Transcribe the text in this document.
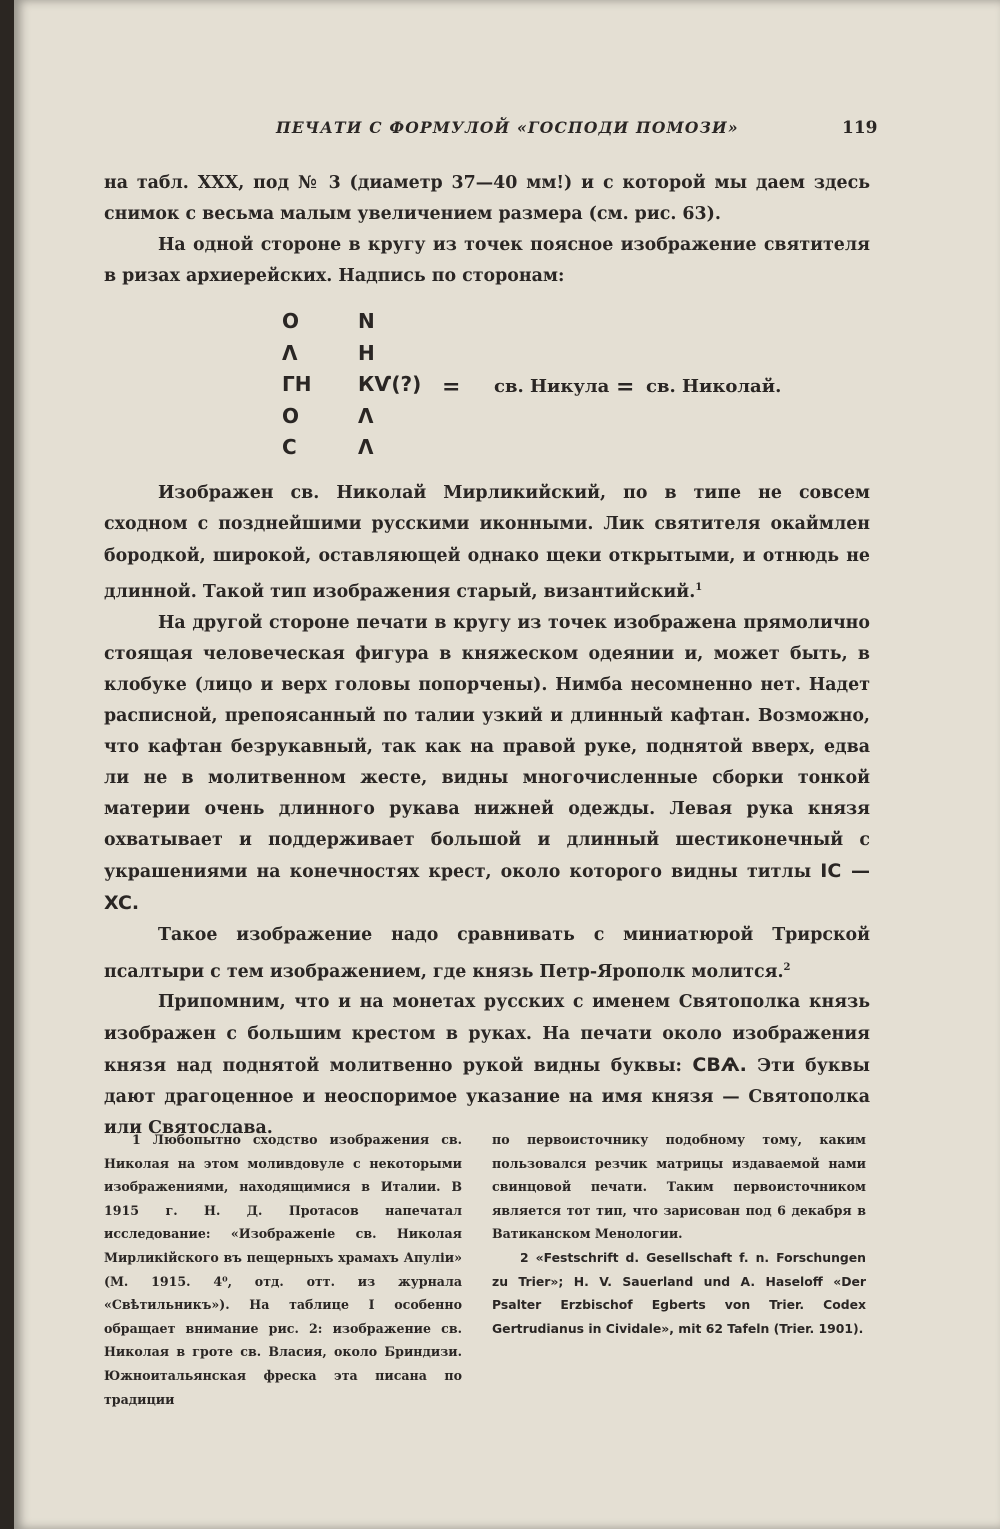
ПЕЧАТИ С ФОРМУЛОЙ «ГОСПОДИ ПОМОЗИ»	119

на табл. XXX, под № 3 (диаметр 37—40 мм!) и с которой мы даем здесь снимок с весьма малым увеличением размера (см. рис. 63).

На одной стороне в кругу из точек поясное изображение святителя в ризах архиерейских. Надпись по сторонам:

Изображен св. Николай Мирликийский, по в типе не совсем сходном с позднейшими русскими иконными. Лик святителя окаймлен бородкой, широкой, оставляющей однако щеки открытыми, и отнюдь не длинной. Такой тип изображения старый, византийский.$^1$

На другой стороне печати в кругу из точек изображена прямолично стоящая человеческая фигура в княжеском одеянии и, может быть, в клобуке (лицо и верх головы попорчены). Нимба несомненно нет. Надет расписной, препоясанный по талии узкий и длинный кафтан. Возможно, что кафтан безрукавный, так как на правой руке, поднятой вверх, едва ли не в молитвенном жесте, видны многочисленные сборки тонкой материи очень длинного рукава нижней одежды. Левая рука князя охватывает и поддерживает большой и длинный шестиконечный с украшениями на конечностях крест, около которого видны титлы IC — XC.

Такое изображение надо сравнивать с миниатюрой Трирской псалтыри с тем изображением, где князь Петр-Ярополк молится.$^2$

Припомним, что и на монетах русских с именем Святополка князь изображен с большим крестом в руках. На печати около изображения князя над поднятой молитвенно рукой видны буквы: СВѦ. Эти буквы дают драгоценное и неоспоримое указание на имя князя — Святополка или Святослава.

О
Λ
ГН
О
С
N
Н
КѴ(?)
Λ
Λ
= св. Никула = св. Николай.

1 Любопытно сходство изображения св. Николая на этом моливдовуле с некоторыми изображениями, находящимися в Италии. В 1915 г. Н. Д. Протасов напечатал исследование: «Изображеніе св. Николая Мирликійского въ пещерныхъ храмахъ Апуліи» (М. 1915. 4⁰, отд. отт. из журнала «Свѣтильникъ»). На таблице I особенно обращает внимание рис. 2: изображение св. Николая в гроте св. Власия, около Бриндизи. Южноитальянская фреска эта писана по традиции

по первоисточнику подобному тому, каким пользовался резчик матрицы издаваемой нами свинцовой печати. Таким первоисточником является тот тип, что зарисован под 6 декабря в Ватиканском Менологии.

2 «Festschrift d. Gesellschaft f. n. Forschungen zu Trier»; H. V. Sauerland und A. Haseloff «Der Psalter Erzbischof Egberts von Trier. Codex Gertrudianus in Cividale», mit 62 Tafeln (Trier. 1901).
